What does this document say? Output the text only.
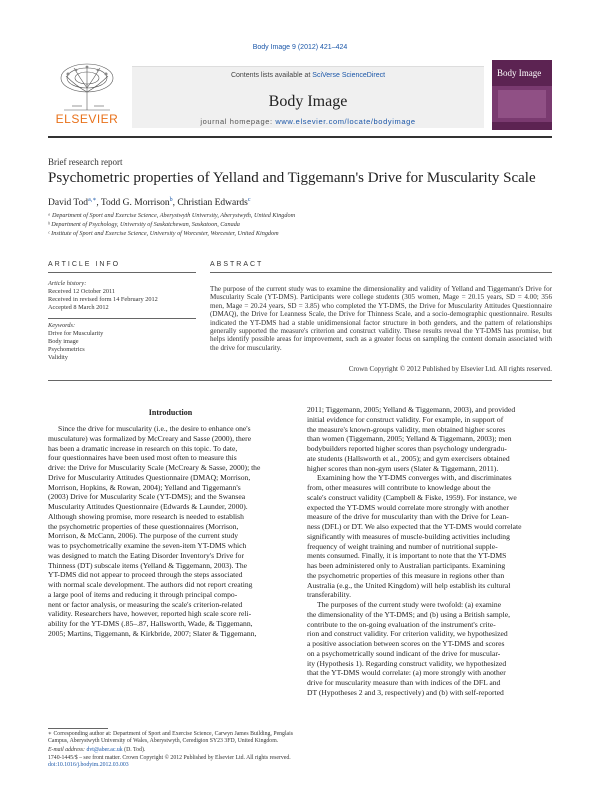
Body Image 9 (2012) 421–424
ELSEVIER
Contents lists available at SciVerse ScienceDirect
Body Image
journal homepage: www.elsevier.com/locate/bodyimage
Body Image
Brief research report
Psychometric properties of Yelland and Tiggemann's Drive for Muscularity Scale
David Tod$^{a,∗}$, Todd G. Morrison$^b$, Christian Edwards$^c$
ᵃ Department of Sport and Exercise Science, Aberystwyth University, Aberystwyth, United Kingdom
ᵇ Department of Psychology, University of Saskatchewan, Saskatoon, Canada
ᶜ Institute of Sport and Exercise Science, University of Worcester, Worcester, United Kingdom
ARTICLE INFO	ABSTRACT
Article history:
Received 12 October 2011
Received in revised form 14 February 2012
Accepted 8 March 2012
Keywords:
Drive for Muscularity
Body image
Psychometrics
Validity
The purpose of the current study was to examine the dimensionality and validity of Yelland and Tiggemann's Drive for Muscularity Scale (YT-DMS). Participants were college students (305 women, Mage = 20.15 years, SD = 4.00; 356 men, Mage = 20.24 years, SD = 3.85) who completed the YT-DMS, the Drive for Muscularity Attitudes Questionnaire (DMAQ), the Drive for Leanness Scale, the Drive for Thinness Scale, and a socio-demographic questionnaire. Results indicated the YT-DMS had a stable unidimensional factor structure in both genders, and the pattern of relationships generally supported the measure's criterion and construct validity. These results reveal the YT-DMS has promise, but helps identify possible areas for improvement, such as a greater focus on sampling the content domain associated with the drive for muscularity.
Crown Copyright © 2012 Published by Elsevier Ltd. All rights reserved.
Introduction
Since the drive for muscularity (i.e., the desire to enhance one's
musculature) was formalized by McCreary and Sasse (2000), there
has been a dramatic increase in research on this topic. To date,
four questionnaires have been used most often to measure this
drive: the Drive for Muscularity Scale (McCreary & Sasse, 2000); the
Drive for Muscularity Attitudes Questionnaire (DMAQ; Morrison,
Morrison, Hopkins, & Rowan, 2004); Yelland and Tiggemann's
(2003) Drive for Muscularity Scale (YT-DMS); and the Swansea
Muscularity Attitudes Questionnaire (Edwards & Launder, 2000).
Although showing promise, more research is needed to establish
the psychometric properties of these questionnaires (Morrison,
Morrison, & McCann, 2006). The purpose of the current study
was to psychometrically examine the seven-item YT-DMS which
was designed to match the Eating Disorder Inventory's Drive for
Thinness (DT) subscale items (Yelland & Tiggemann, 2003). The
YT-DMS did not appear to proceed through the steps associated
with normal scale development. The authors did not report creating
a large pool of items and reducing it through principal compo-
nent or factor analysis, or measuring the scale's criterion-related
validity. Researchers have, however, reported high scale score reli-
ability for the YT-DMS (.85–.87, Hallsworth, Wade, & Tiggemann,
2005; Martins, Tiggemann, & Kirkbride, 2007; Slater & Tiggemann,
2011; Tiggemann, 2005; Yelland & Tiggemann, 2003), and provided
initial evidence for construct validity. For example, in support of
the measure's known-groups validity, men obtained higher scores
than women (Tiggemann, 2005; Yelland & Tiggemann, 2003); men
bodybuilders reported higher scores than psychology undergradu-
ate students (Hallsworth et al., 2005); and gym exercisers obtained
higher scores than non-gym users (Slater & Tiggemann, 2011).
Examining how the YT-DMS converges with, and discriminates
from, other measures will contribute to knowledge about the
scale's construct validity (Campbell & Fiske, 1959). For instance, we
expected the YT-DMS would correlate more strongly with another
measure of the drive for muscularity than with the Drive for Lean-
ness (DFL) or DT. We also expected that the YT-DMS would correlate
significantly with measures of muscle-building activities including
frequency of weight training and number of nutritional supple-
ments consumed. Finally, it is important to note that the YT-DMS
has been administered only to Australian participants. Examining
the psychometric properties of this measure in regions other than
Australia (e.g., the United Kingdom) will help establish its cultural
transferability.
The purposes of the current study were twofold: (a) examine
the dimensionality of the YT-DMS; and (b) using a British sample,
contribute to the on-going evaluation of the instrument's crite-
rion and construct validity. For criterion validity, we hypothesized
a positive association between scores on the YT-DMS and scores
on a psychometrically sound indicant of the drive for muscular-
ity (Hypothesis 1). Regarding construct validity, we hypothesized
that the YT-DMS would correlate: (a) more strongly with another
drive for muscularity measure than with indices of the DFL and
DT (Hypotheses 2 and 3, respectively) and (b) with self-reported
∗ Corresponding author at: Department of Sport and Exercise Science, Carwyn James Building, Penglais Campus, Aberystwyth University of Wales, Aberystwyth, Ceredigion SY23 3FD, United Kingdom.
E-mail address: dvt@aber.ac.uk (D. Tod).
1740-1445/$ – see front matter. Crown Copyright © 2012 Published by Elsevier Ltd. All rights reserved.
doi:10.1016/j.bodyim.2012.03.003
